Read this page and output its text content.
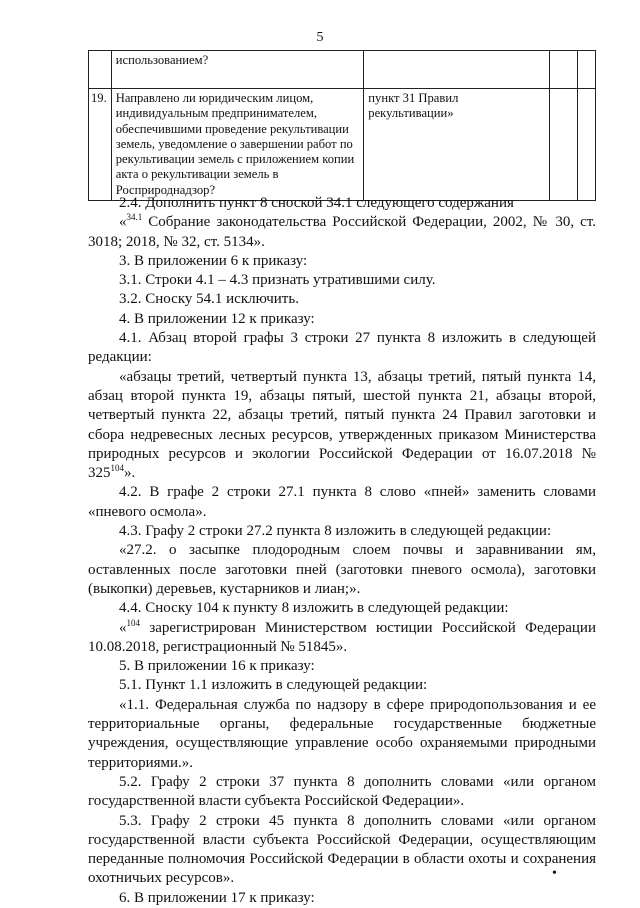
5
	использованием?			
19.	Направлено ли юридическим лицом, индивидуальным предпринимателем, обеспечившими проведение рекультивации земель, уведомление о завершении работ по рекультивации земель с приложением копии акта о рекультивации земель в Росприроднадзор?	пункт 31 Правил рекультивации»		

2.4. Дополнить пункт 8 сноской 34.1 следующего содержания

«$^{34.1}$ Собрание законодательства Российской Федерации, 2002, № 30, ст. 3018; 2018, № 32, ст. 5134».

3. В приложении 6 к приказу:

3.1. Строки 4.1 – 4.3 признать утратившими силу.

3.2. Сноску 54.1 исключить.

4. В приложении 12 к приказу:

4.1. Абзац второй графы 3 строки 27 пункта 8 изложить в следующей редакции:

«абзацы третий, четвертый пункта 13, абзацы третий, пятый пункта 14, абзац второй пункта 19, абзацы пятый, шестой пункта 21, абзацы второй, четвертый пункта 22, абзацы третий, пятый пункта 24 Правил заготовки и сбора недревесных лесных ресурсов, утвержденных приказом Министерства природных ресурсов и экологии Российской Федерации от 16.07.2018 № $325^{104}$».

4.2. В графе 2 строки 27.1 пункта 8 слово «пней» заменить словами «пневого осмола».

4.3. Графу 2 строки 27.2 пункта 8 изложить в следующей редакции:

«27.2. о засыпке плодородным слоем почвы и заравнивании ям, оставленных после заготовки пней (заготовки пневого осмола), заготовки (выкопки) деревьев, кустарников и лиан;».

4.4. Сноску 104 к пункту 8 изложить в следующей редакции:

«$^{104}$ зарегистрирован Министерством юстиции Российской Федерации 10.08.2018, регистрационный № 51845».

5. В приложении 16 к приказу:

5.1. Пункт 1.1 изложить в следующей редакции:

«1.1. Федеральная служба по надзору в сфере природопользования и ее территориальные органы, федеральные государственные бюджетные учреждения, осуществляющие управление особо охраняемыми природными территориями.».

5.2. Графу 2 строки 37 пункта 8 дополнить словами «или органом государственной власти субъекта Российской Федерации».

5.3. Графу 2 строки 45 пункта 8 дополнить словами «или органом государственной власти субъекта Российской Федерации, осуществляющим переданные полномочия Российской Федерации в области охоты и сохранения охотничьих ресурсов».

6. В приложении 17 к приказу:

•
